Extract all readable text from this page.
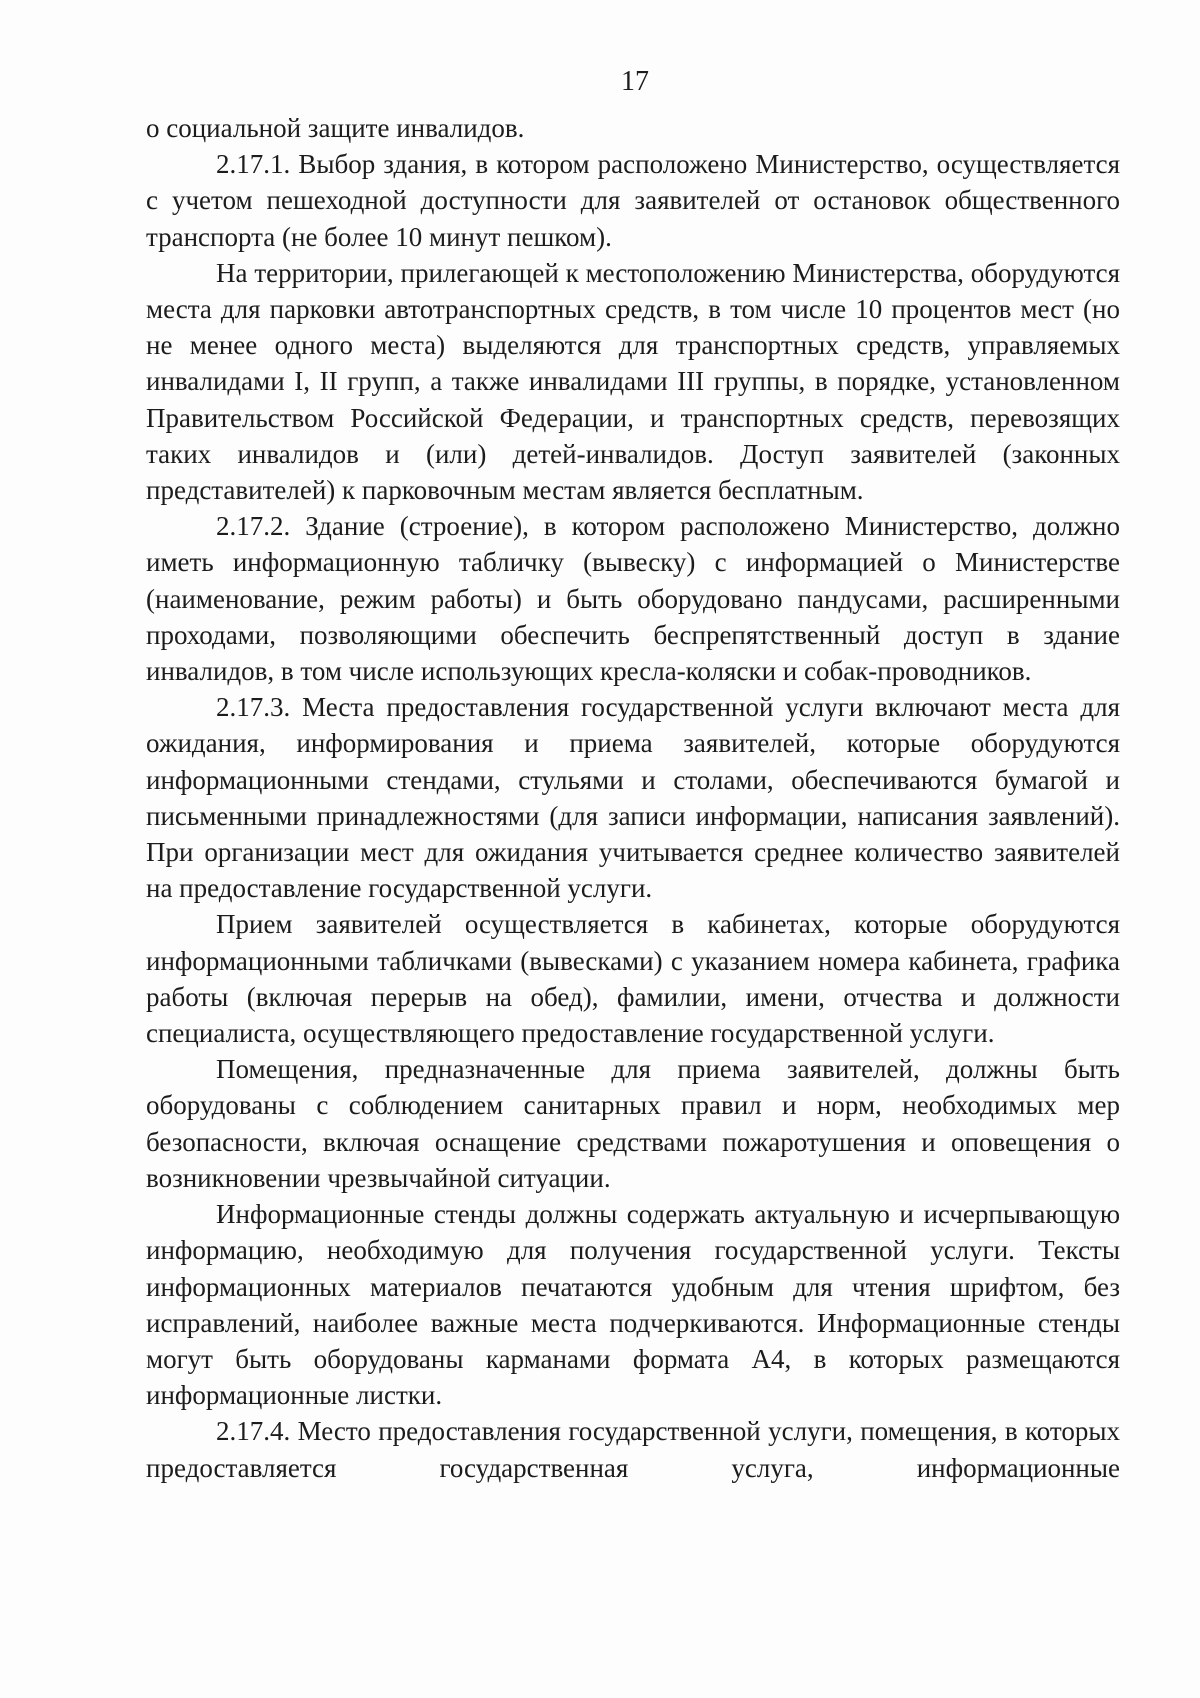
17

о социальной защите инвалидов.

2.17.1. Выбор здания, в котором расположено Министерство, осуществляется с учетом пешеходной доступности для заявителей от остановок общественного транспорта (не более 10 минут пешком).

На территории, прилегающей к местоположению Министерства, оборудуются места для парковки автотранспортных средств, в том числе 10 процентов мест (но не менее одного места) выделяются для транспортных средств, управляемых инвалидами I, II групп, а также инвалидами III группы, в порядке, установленном Правительством Российской Федерации, и транспортных средств, перевозящих таких инвалидов и (или) детей-инвалидов. Доступ заявителей (законных представителей) к парковочным местам является бесплатным.

2.17.2. Здание (строение), в котором расположено Министерство, должно иметь информационную табличку (вывеску) с информацией о Министерстве (наименование, режим работы) и быть оборудовано пандусами, расширенными проходами, позволяющими обеспечить беспрепятственный доступ в здание инвалидов, в том числе использующих кресла-коляски и собак-проводников.

2.17.3. Места предоставления государственной услуги включают места для ожидания, информирования и приема заявителей, которые оборудуются информационными стендами, стульями и столами, обеспечиваются бумагой и письменными принадлежностями (для записи информации, написания заявлений). При организации мест для ожидания учитывается среднее количество заявителей на предоставление государственной услуги.

Прием заявителей осуществляется в кабинетах, которые оборудуются информационными табличками (вывесками) с указанием номера кабинета, графика работы (включая перерыв на обед), фамилии, имени, отчества и должности специалиста, осуществляющего предоставление государственной услуги.

Помещения, предназначенные для приема заявителей, должны быть оборудованы с соблюдением санитарных правил и норм, необходимых мер безопасности, включая оснащение средствами пожаротушения и оповещения о возникновении чрезвычайной ситуации.

Информационные стенды должны содержать актуальную и исчерпывающую информацию, необходимую для получения государственной услуги. Тексты информационных материалов печатаются удобным для чтения шрифтом, без исправлений, наиболее важные места подчеркиваются. Информационные стенды могут быть оборудованы карманами формата А4, в которых размещаются информационные листки.

2.17.4. Место предоставления государственной услуги, помещения, в которых предоставляется государственная услуга, информационные
